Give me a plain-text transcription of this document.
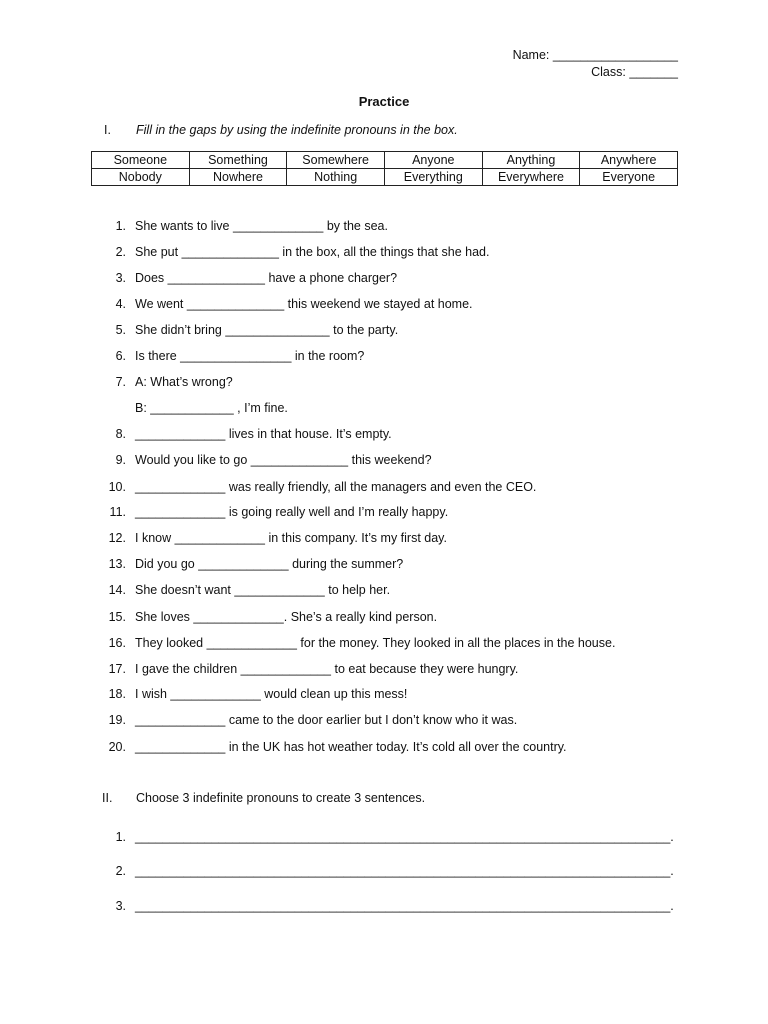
Name: __________________
Class: _______
Practice
I. Fill in the gaps by using the indefinite pronouns in the box.
Someone	Something	Somewhere	Anyone	Anything	Anywhere
Nobody	Nowhere	Nothing	Everything	Everywhere	Everyone
1. She wants to live _____________ by the sea.
2. She put ______________ in the box, all the things that she had.
3. Does ______________ have a phone charger?
4. We went ______________ this weekend we stayed at home.
5. She didn’t bring _______________ to the party.
6. Is there ________________ in the room?
7. A: What’s wrong?
B: ____________ , I’m fine.
8. _____________ lives in that house. It’s empty.
9. Would you like to go ______________ this weekend?
10. _____________ was really friendly, all the managers and even the CEO.
11. _____________ is going really well and I’m really happy.
12. I know _____________ in this company. It’s my first day.
13. Did you go _____________ during the summer?
14. She doesn’t want _____________ to help her.
15. She loves _____________. She’s a really kind person.
16. They looked _____________ for the money. They looked in all the places in the house.
17. I gave the children _____________ to eat because they were hungry.
18. I wish _____________ would clean up this mess!
19. _____________ came to the door earlier but I don’t know who it was.
20. _____________ in the UK has hot weather today. It’s cold all over the country.
II. Choose 3 indefinite pronouns to create 3 sentences.
1. _____________________________________________________________________________.
2. _____________________________________________________________________________.
3. _____________________________________________________________________________.
